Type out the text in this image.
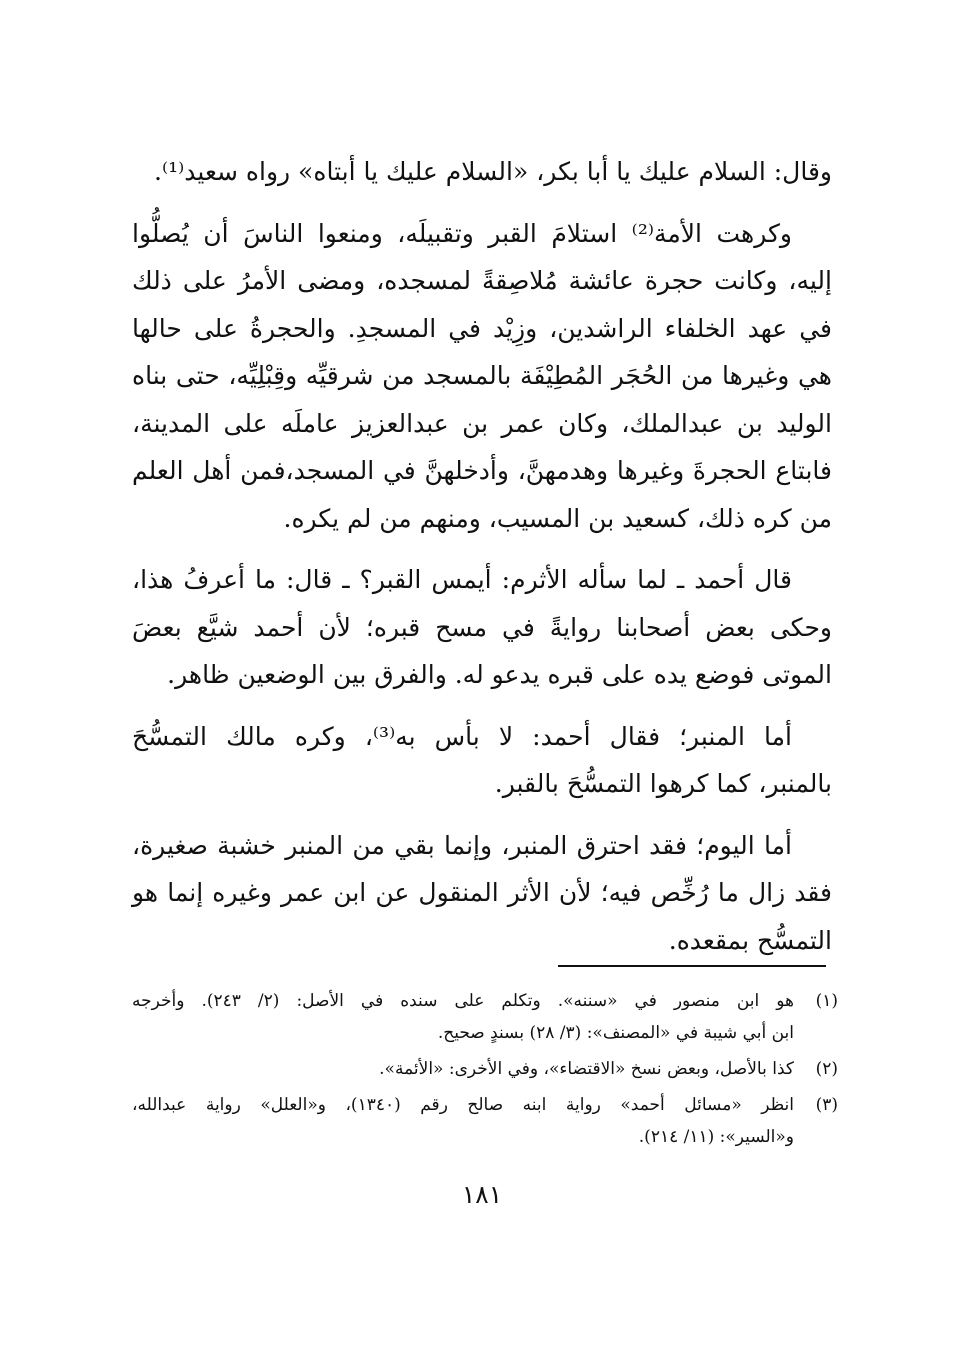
وقال: السلام عليك يا أبا بكر، «السلام عليك يا أبتاه» رواه سعيد⁽¹⁾.

وكرهت الأمة⁽²⁾ استلامَ القبر وتقبيلَه، ومنعوا الناسَ أن يُصلُّوا
إليه، وكانت حجرة عائشة مُلاصِقةً لمسجده، ومضى الأمرُ على ذلك
في عهد الخلفاء الراشدين، وزِيْد في المسجدِ. والحجرةُ على حالها
هي وغيرها من الحُجَر المُطِيْفَة بالمسجد من شرقيِّه وقِبْلِيِّه، حتى بناه
الوليد بن عبدالملك، وكان عمر بن عبدالعزيز عاملَه على المدينة،
فابتاع الحجرةَ وغيرها وهدمهنَّ، وأدخلهنَّ في المسجد،فمن أهل العلم
من كره ذلك، كسعيد بن المسيب، ومنهم من لم يكره.

قال أحمد ـ لما سأله الأثرم: أيمس القبر؟ ـ قال: ما أعرفُ هذا،
وحكى بعض أصحابنا روايةً في مسح قبره؛ لأن أحمد شيَّع بعضَ
الموتى فوضع يده على قبره يدعو له. والفرق بين الوضعين ظاهر.

أما المنبر؛ فقال أحمد: لا بأس به⁽³⁾، وكره مالك التمسُّحَ
بالمنبر، كما كرهوا التمسُّحَ بالقبر.

أما اليوم؛ فقد احترق المنبر، وإنما بقي من المنبر خشبة صغيرة،
فقد زال ما رُخِّص فيه؛ لأن الأثر المنقول عن ابن عمر وغيره إنما هو
التمسُّح بمقعده.

(١)
هو ابن منصور في «سننه». وتكلم على سنده في الأصل: (٢/ ٢٤٣). وأخرجه
ابن أبي شيبة في «المصنف»: (٣/ ٢٨) بسندٍ صحيح.
(٢)
كذا بالأصل، وبعض نسخ «الاقتضاء»، وفي الأخرى: «الأئمة».
(٣)
انظر «مسائل أحمد» رواية ابنه صالح رقم (١٣٤٠)، و«العلل» رواية عبدالله،
و«السير»: (١١/ ٢١٤).
١٨١
